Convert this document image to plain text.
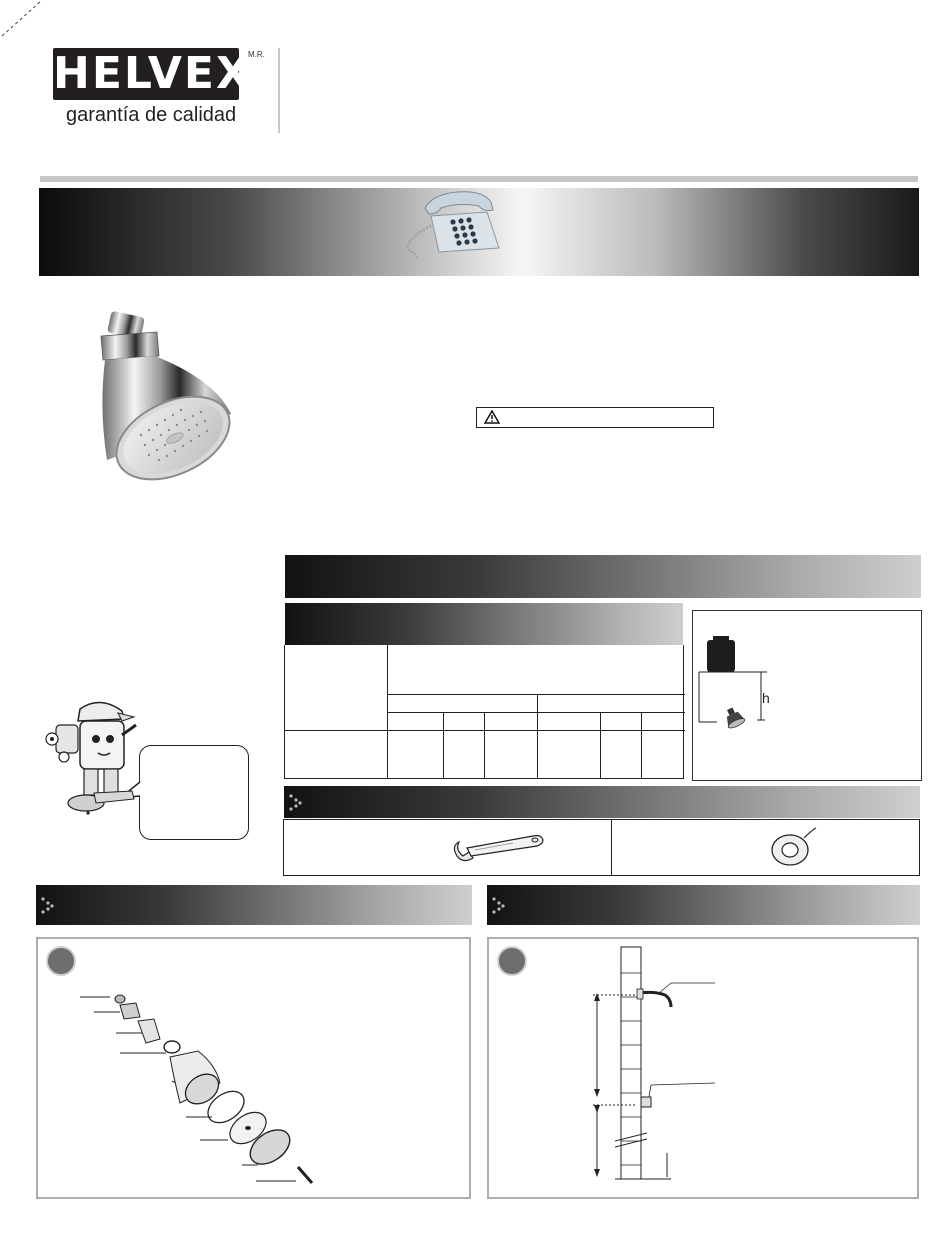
HELVEX
M.R.
garantía de calidad
h
